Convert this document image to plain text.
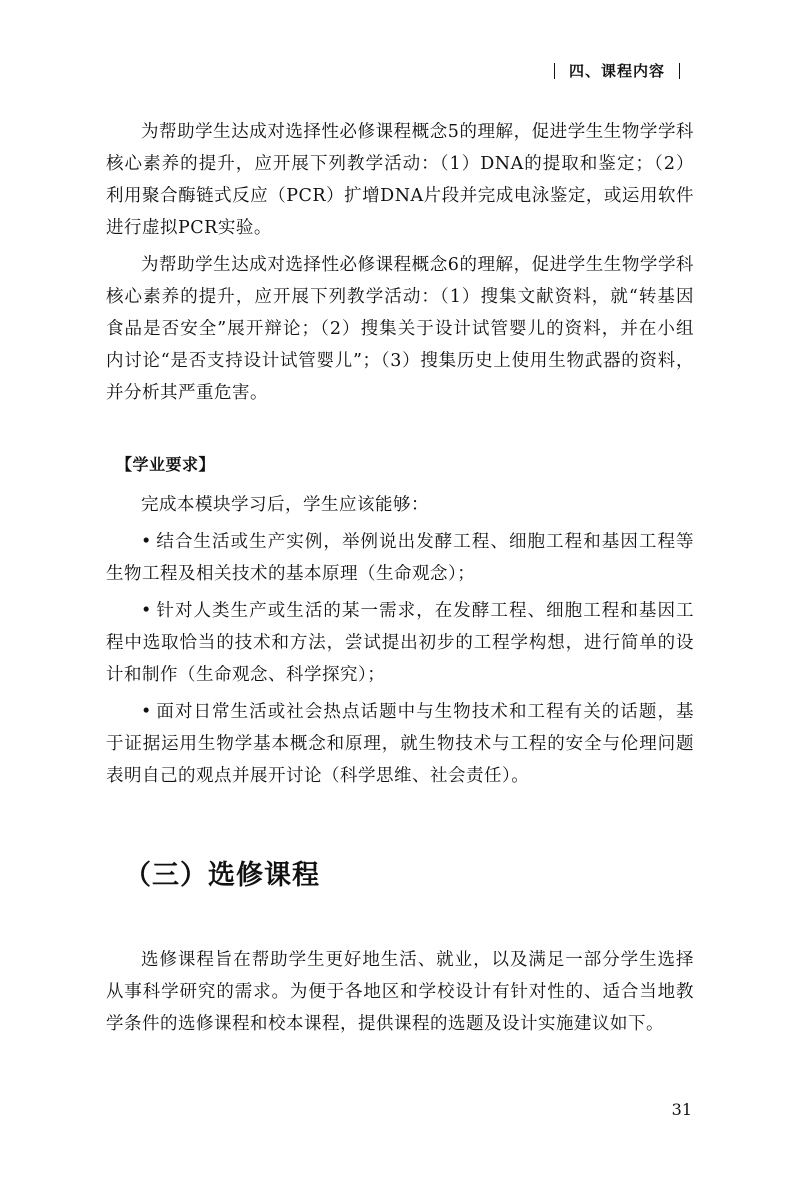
四、课程内容

为帮助学生达成对选择性必修课程概念5的理解，促进学生生物学学科核心素养的提升，应开展下列教学活动：（1）DNA的提取和鉴定；（2）利用聚合酶链式反应（PCR）扩增DNA片段并完成电泳鉴定，或运用软件进行虚拟PCR实验。

为帮助学生达成对选择性必修课程概念6的理解，促进学生生物学学科核心素养的提升，应开展下列教学活动：（1）搜集文献资料，就“转基因食品是否安全”展开辩论；（2）搜集关于设计试管婴儿的资料，并在小组内讨论“是否支持设计试管婴儿”；（3）搜集历史上使用生物武器的资料，并分析其严重危害。

【学业要求】

完成本模块学习后，学生应该能够：

• 结合生活或生产实例，举例说出发酵工程、细胞工程和基因工程等生物工程及相关技术的基本原理（生命观念）；

• 针对人类生产或生活的某一需求，在发酵工程、细胞工程和基因工程中选取恰当的技术和方法，尝试提出初步的工程学构想，进行简单的设计和制作（生命观念、科学探究）；

• 面对日常生活或社会热点话题中与生物技术和工程有关的话题，基于证据运用生物学基本概念和原理，就生物技术与工程的安全与伦理问题表明自己的观点并展开讨论（科学思维、社会责任）。

（三）选修课程

选修课程旨在帮助学生更好地生活、就业，以及满足一部分学生选择从事科学研究的需求。为便于各地区和学校设计有针对性的、适合当地教学条件的选修课程和校本课程，提供课程的选题及设计实施建议如下。

31
